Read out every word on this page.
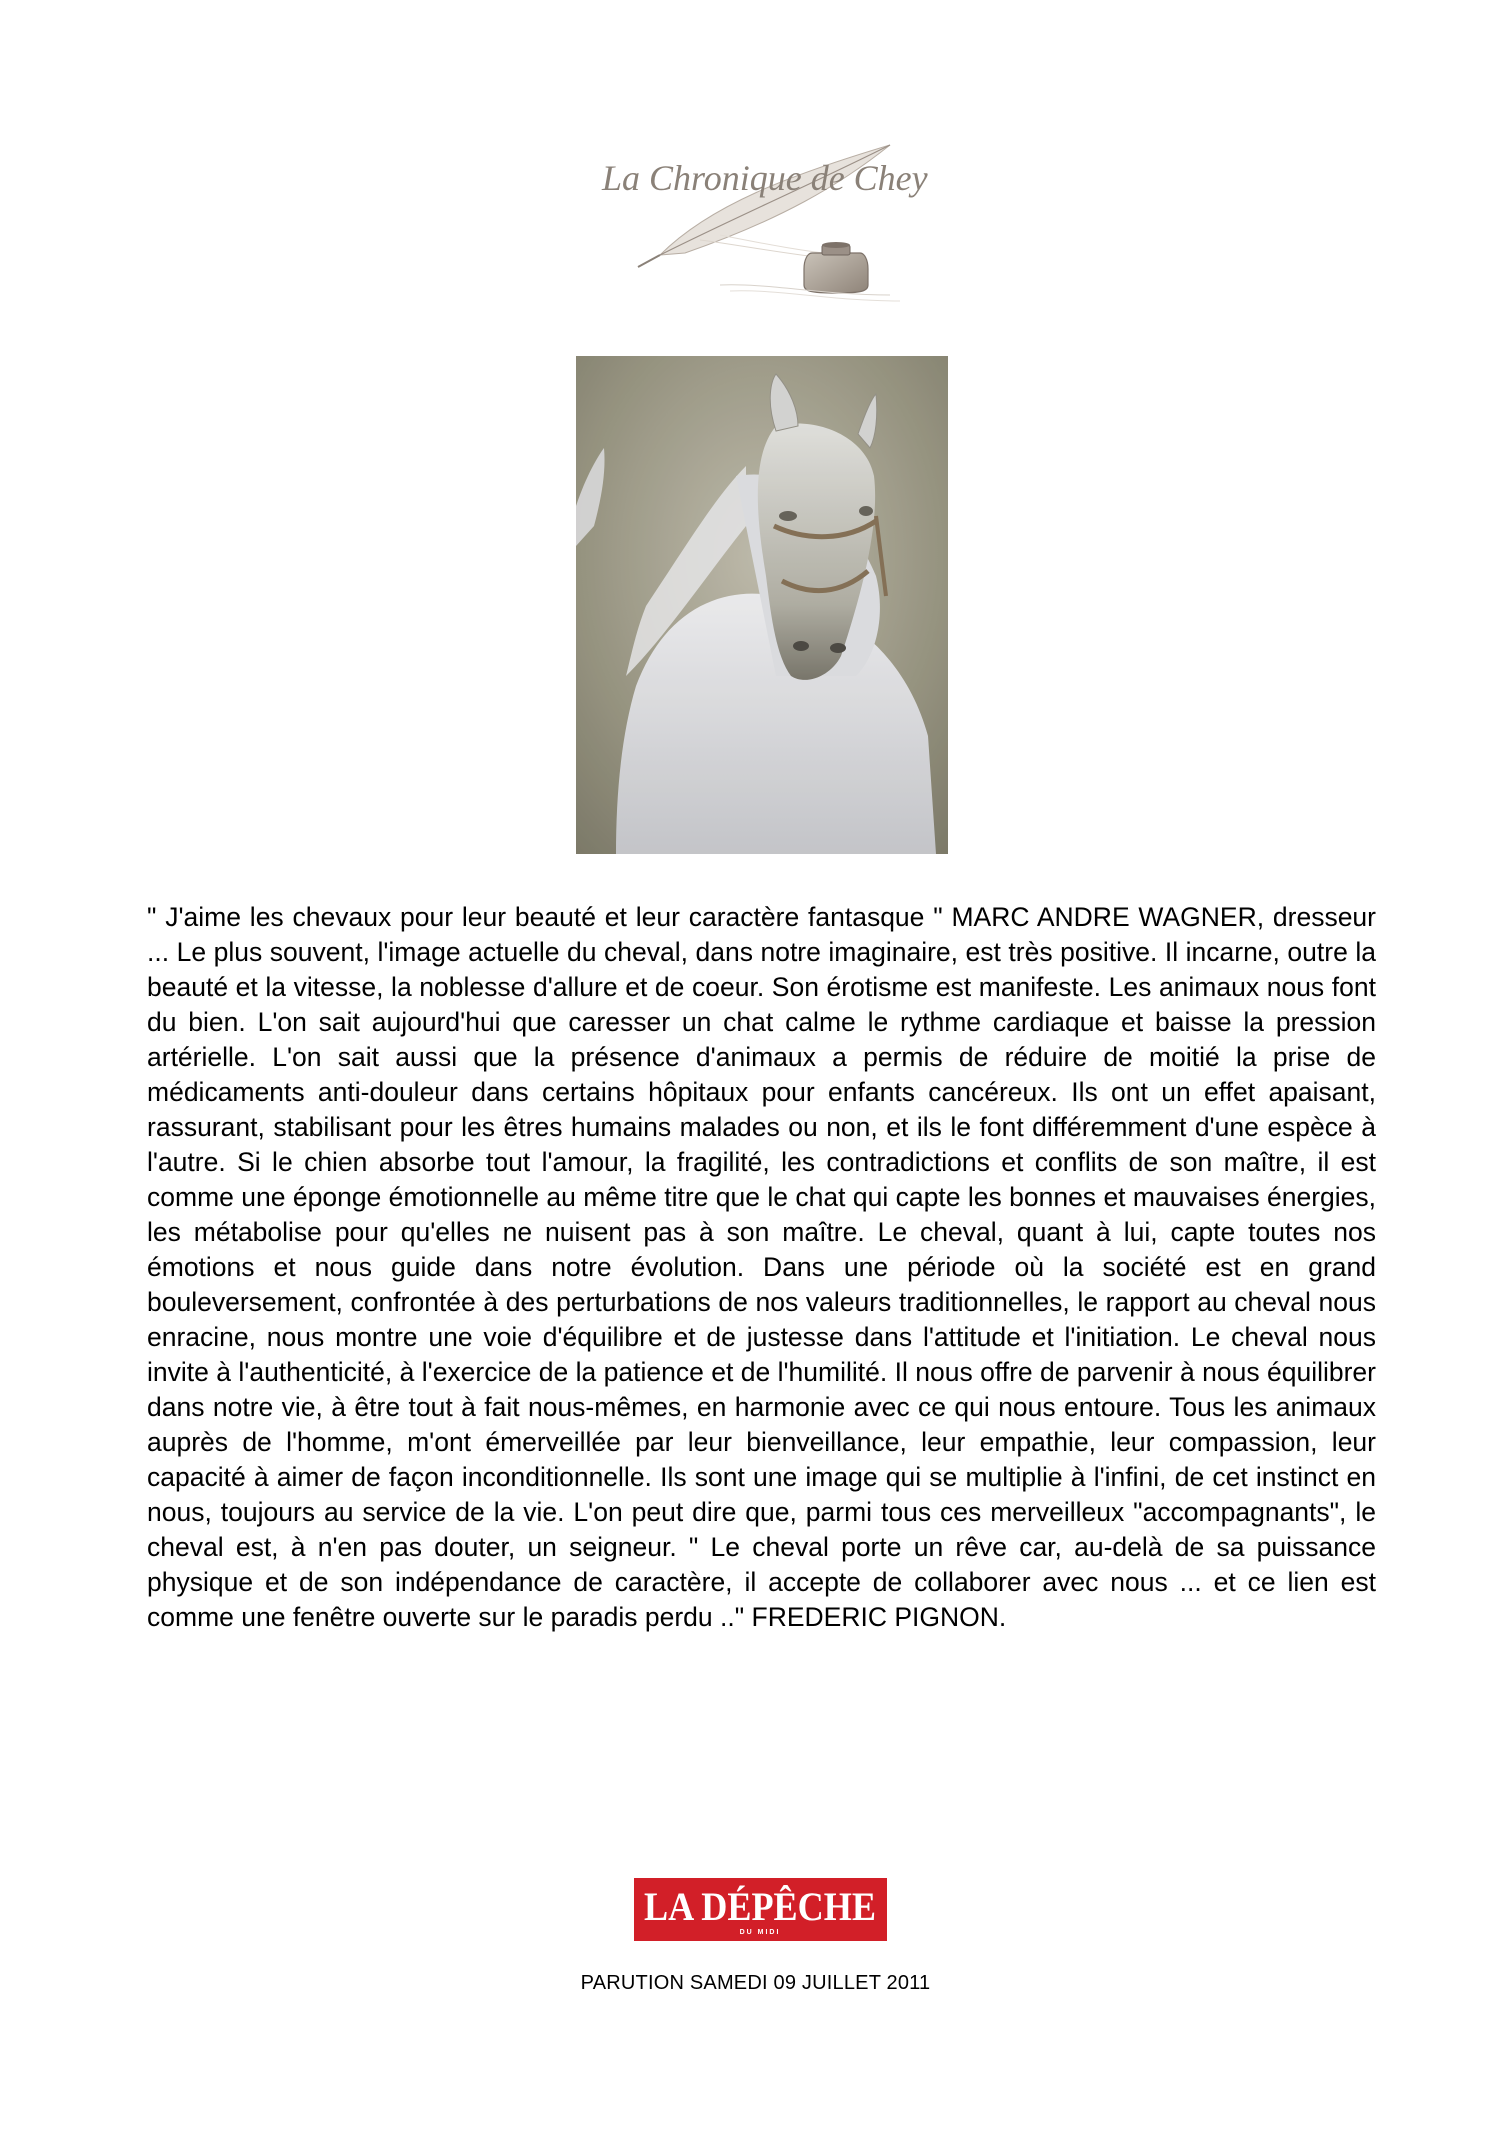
La Chronique de Chey

" J'aime les chevaux pour leur beauté et leur caractère fantasque " MARC ANDRE WAGNER, dresseur ... Le plus souvent, l'image actuelle du cheval, dans notre imaginaire, est très positive. Il incarne, outre la beauté et la vitesse, la noblesse d'allure et de coeur. Son érotisme est manifeste. Les animaux nous font du bien. L'on sait aujourd'hui que caresser un chat calme le rythme cardiaque et baisse la pression artérielle. L'on sait aussi que la présence d'animaux a permis de réduire de moitié la prise de médicaments anti-douleur dans certains hôpitaux pour enfants cancéreux. Ils ont un effet apaisant, rassurant, stabilisant pour les êtres humains malades ou non, et ils le font différemment d'une espèce à l'autre. Si le chien absorbe tout l'amour, la fragilité, les contradictions et conflits de son maître, il est comme une éponge émotionnelle au même titre que le chat qui capte les bonnes et mauvaises énergies, les métabolise pour qu'elles ne nuisent pas à son maître. Le cheval, quant à lui, capte toutes nos émotions et nous guide dans notre évolution. Dans une période où la société est en grand bouleversement, confrontée à des perturbations de nos valeurs traditionnelles, le rapport au cheval nous enracine, nous montre une voie d'équilibre et de justesse dans l'attitude et l'initiation. Le cheval nous invite à l'authenticité, à l'exercice de la patience et de l'humilité. Il nous offre de parvenir à nous équilibrer dans notre vie, à être tout à fait nous-mêmes, en harmonie avec ce qui nous entoure. Tous les animaux auprès de l'homme, m'ont émerveillée par leur bienveillance, leur empathie, leur compassion, leur capacité à aimer de façon inconditionnelle. Ils sont une image qui se multiplie à l'infini, de cet instinct en nous, toujours au service de la vie. L'on peut dire que, parmi tous ces merveilleux "accompagnants", le cheval est, à n'en pas douter, un seigneur. " Le cheval porte un rêve car, au-delà de sa puissance physique et de son indépendance de caractère, il accepte de collaborer avec nous ... et ce lien est comme une fenêtre ouverte sur le paradis perdu .." FREDERIC PIGNON.

LA DÉPÊCHE
DU MIDI
PARUTION SAMEDI 09 JUILLET 2011
